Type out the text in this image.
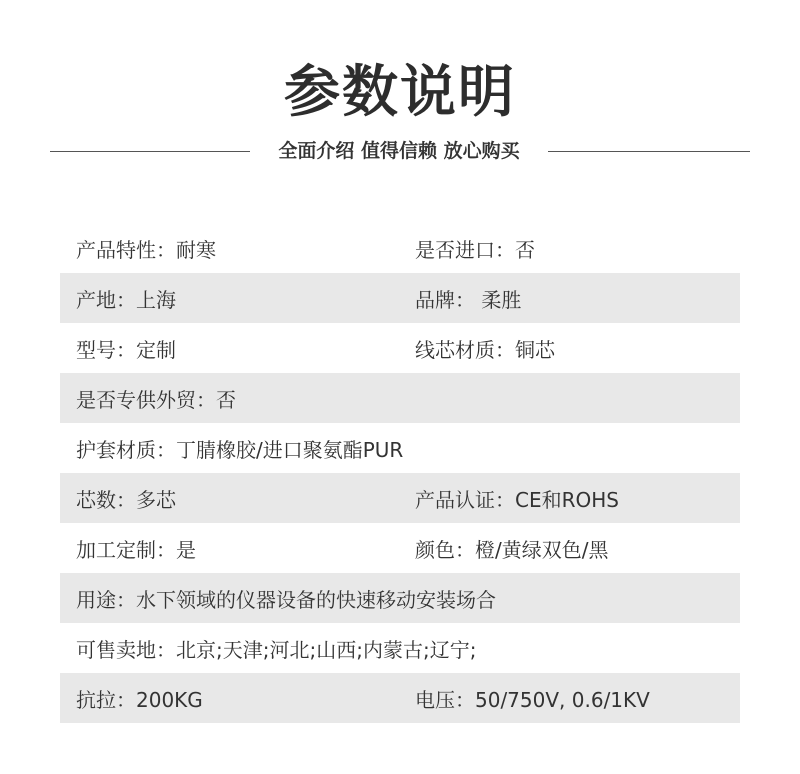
参数说明
全面介绍 值得信赖 放心购买
产品特性：耐寒	是否进口：否
产地：上海	品牌： 柔胜
型号：定制	线芯材质：铜芯
是否专供外贸：否
护套材质：丁腈橡胶/进口聚氨酯PUR
芯数：多芯	产品认证：CE和ROHS
加工定制：是	颜色：橙/黄绿双色/黑
用途：水下领域的仪器设备的快速移动安装场合
可售卖地：北京;天津;河北;山西;内蒙古;辽宁;
抗拉：200KG	电压：50/750V, 0.6/1KV
